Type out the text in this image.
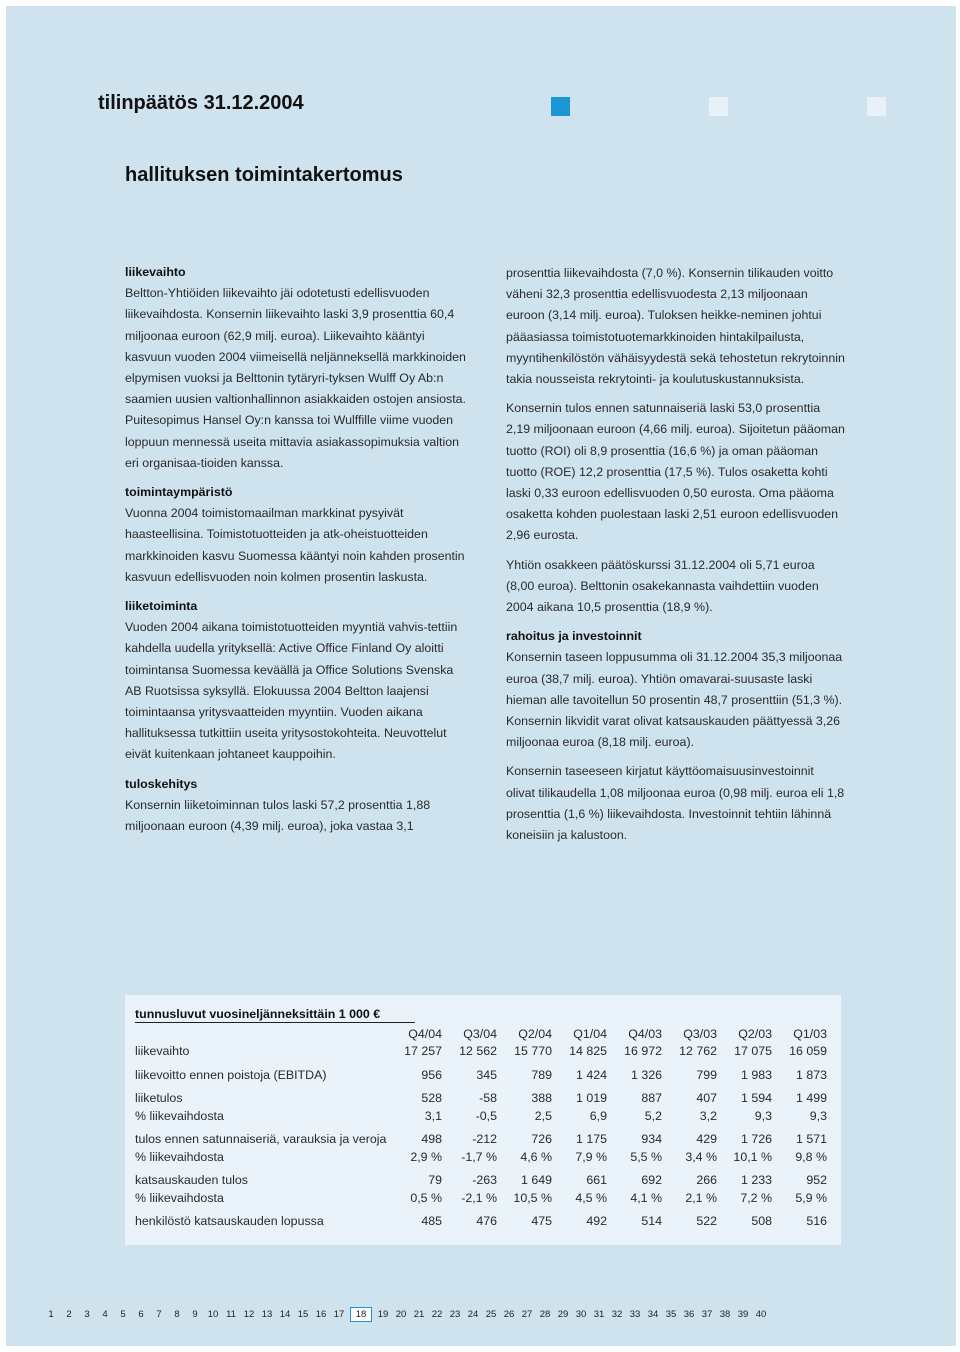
tilinpäätös 31.12.2004
hallituksen toimintakertomus
liikevaihto

Beltton-Yhtiöiden liikevaihto jäi odotetusti edellisvuoden liikevaihdosta. Konsernin liikevaihto laski 3,9 prosenttia 60,4 miljoonaa euroon (62,9 milj. euroa). Liikevaihto kääntyi kasvuun vuoden 2004 viimeisellä neljänneksellä markkinoiden elpymisen vuoksi ja Belttonin tytäryri-tyksen Wulff Oy Ab:n saamien uusien valtionhallinnon asiakkaiden ostojen ansiosta. Puitesopimus Hansel Oy:n kanssa toi Wulffille viime vuoden loppuun mennessä useita mittavia asiakassopimuksia valtion eri organisaa-tioiden kanssa.

toimintaympäristö

Vuonna 2004 toimistomaailman markkinat pysyivät haasteellisina. Toimistotuotteiden ja atk-oheistuotteiden markkinoiden kasvu Suomessa kääntyi noin kahden prosentin kasvuun edellisvuoden noin kolmen prosentin laskusta.

liiketoiminta

Vuoden 2004 aikana toimistotuotteiden myyntiä vahvis-tettiin kahdella uudella yrityksellä: Active Office Finland Oy aloitti toimintansa Suomessa keväällä ja Office Solutions Svenska AB Ruotsissa syksyllä. Elokuussa 2004 Beltton laajensi toimintaansa yritysvaatteiden myyntiin. Vuoden aikana hallituksessa tutkittiin useita yritysostokohteita. Neuvottelut eivät kuitenkaan johtaneet kauppoihin.

tuloskehitys

Konsernin liiketoiminnan tulos laski 57,2 prosenttia 1,88 miljoonaan euroon (4,39 milj. euroa), joka vastaa 3,1

prosenttia liikevaihdosta (7,0 %). Konsernin tilikauden voitto väheni 32,3 prosenttia edellisvuodesta 2,13 miljoonaan euroon (3,14 milj. euroa). Tuloksen heikke-neminen johtui pääasiassa toimistotuotemarkkinoiden hintakilpailusta, myyntihenkilöstön vähäisyydestä sekä tehostetun rekrytoinnin takia nousseista rekrytointi- ja koulutuskustannuksista.

Konsernin tulos ennen satunnaiseriä laski 53,0 prosenttia 2,19 miljoonaan euroon (4,66 milj. euroa). Sijoitetun pääoman tuotto (ROI) oli 8,9 prosenttia (16,6 %) ja oman pääoman tuotto (ROE) 12,2 prosenttia (17,5 %). Tulos osaketta kohti laski 0,33 euroon edellisvuoden 0,50 eurosta. Oma pääoma osaketta kohden puolestaan laski 2,51 euroon edellisvuoden 2,96 eurosta.

Yhtiön osakkeen päätöskurssi 31.12.2004 oli 5,71 euroa (8,00 euroa). Belttonin osakekannasta vaihdettiin vuoden 2004 aikana 10,5 prosenttia (18,9 %).

rahoitus ja investoinnit

Konsernin taseen loppusumma oli 31.12.2004 35,3 miljoonaa euroa (38,7 milj. euroa). Yhtiön omavarai-suusaste laski hieman alle tavoitellun 50 prosentin 48,7 prosenttiin (51,3 %). Konsernin likvidit varat olivat katsauskauden päättyessä 3,26 miljoonaa euroa (8,18 milj. euroa).

Konsernin taseeseen kirjatut käyttöomaisuusinvestoinnit olivat tilikaudella 1,08 miljoonaa euroa (0,98 milj. euroa eli 1,8 prosenttia (1,6 %) liikevaihdosta. Investoinnit tehtiin lähinnä koneisiin ja kalustoon.

tunnusluvut vuosineljänneksittäin 1 000 €
	Q4/04	Q3/04	Q2/04	Q1/04	Q4/03	Q3/03	Q2/03	Q1/03
liikevaihto	17 257	12 562	15 770	14 825	16 972	12 762	17 075	16 059

liikevoitto ennen poistoja (EBITDA)	956	345	789	1 424	1 326	799	1 983	1 873

liiketulos	528	-58	388	1 019	887	407	1 594	1 499
% liikevaihdosta	3,1	-0,5	2,5	6,9	5,2	3,2	9,3	9,3

tulos ennen satunnaiseriä, varauksia ja veroja	498	-212	726	1 175	934	429	1 726	1 571
% liikevaihdosta	2,9 %	-1,7 %	4,6 %	7,9 %	5,5 %	3,4 %	10,1 %	9,8 %

katsauskauden tulos	79	-263	1 649	661	692	266	1 233	952
% liikevaihdosta	0,5 %	-2,1 %	10,5 %	4,5 %	4,1 %	2,1 %	7,2 %	5,9 %

henkilöstö katsauskauden lopussa	485	476	475	492	514	522	508	516
1	2	3	4	5	6	7	8	9	10 11 12 13 14 15 16 17	18	19 20 21 22 23 24 25 26 27 28 29 30 31 32 33 34 35 36 37 38 39 40
